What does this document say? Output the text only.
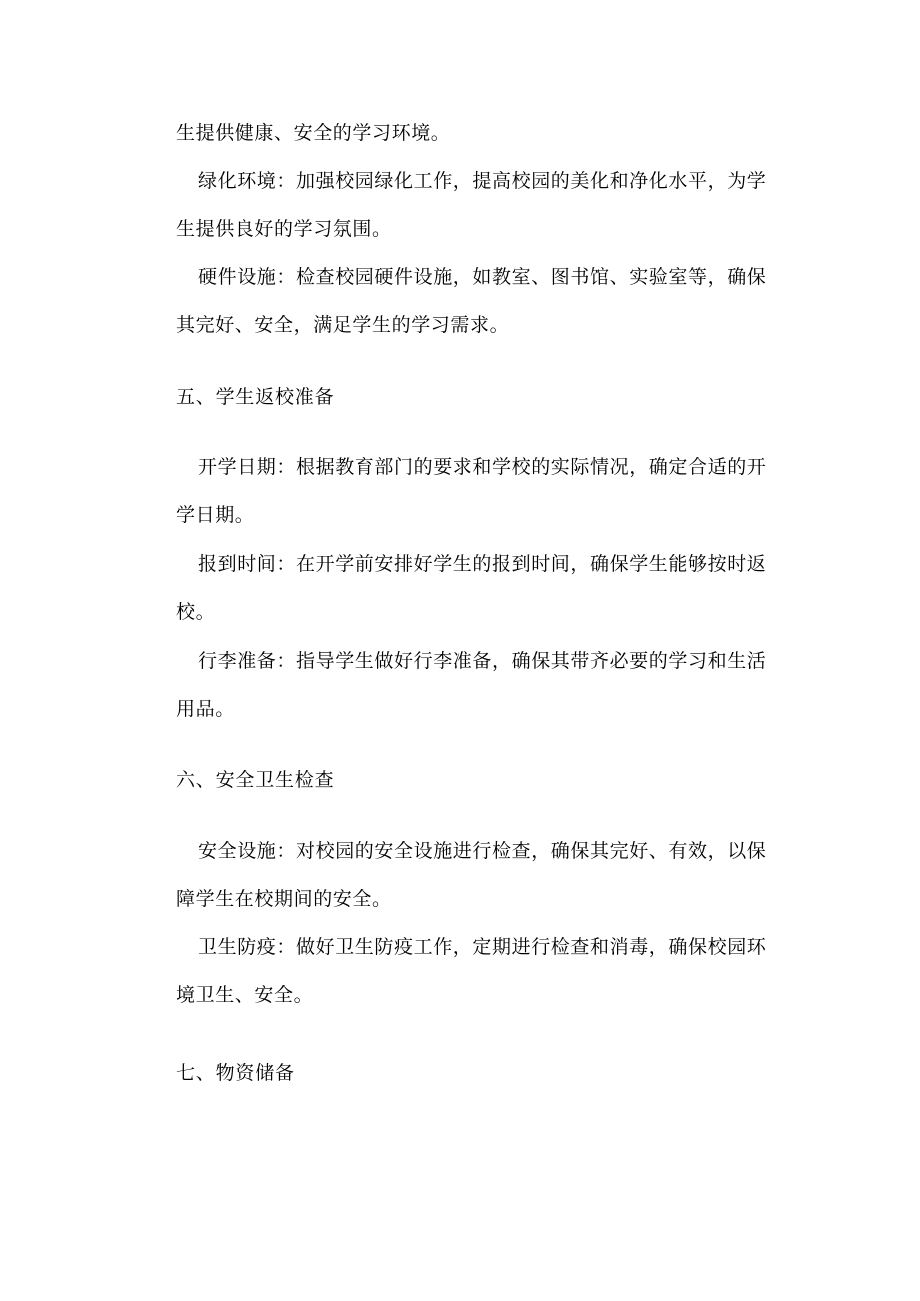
生提供健康、安全的学习环境。
绿化环境：加强校园绿化工作，提高校园的美化和净化水平，为学
生提供良好的学习氛围。
硬件设施：检查校园硬件设施，如教室、图书馆、实验室等，确保
其完好、安全，满足学生的学习需求。
五、学生返校准备
开学日期：根据教育部门的要求和学校的实际情况，确定合适的开
学日期。
报到时间：在开学前安排好学生的报到时间，确保学生能够按时返
校。
行李准备：指导学生做好行李准备，确保其带齐必要的学习和生活
用品。
六、安全卫生检查
安全设施：对校园的安全设施进行检查，确保其完好、有效，以保
障学生在校期间的安全。
卫生防疫：做好卫生防疫工作，定期进行检查和消毒，确保校园环
境卫生、安全。
七、物资储备
